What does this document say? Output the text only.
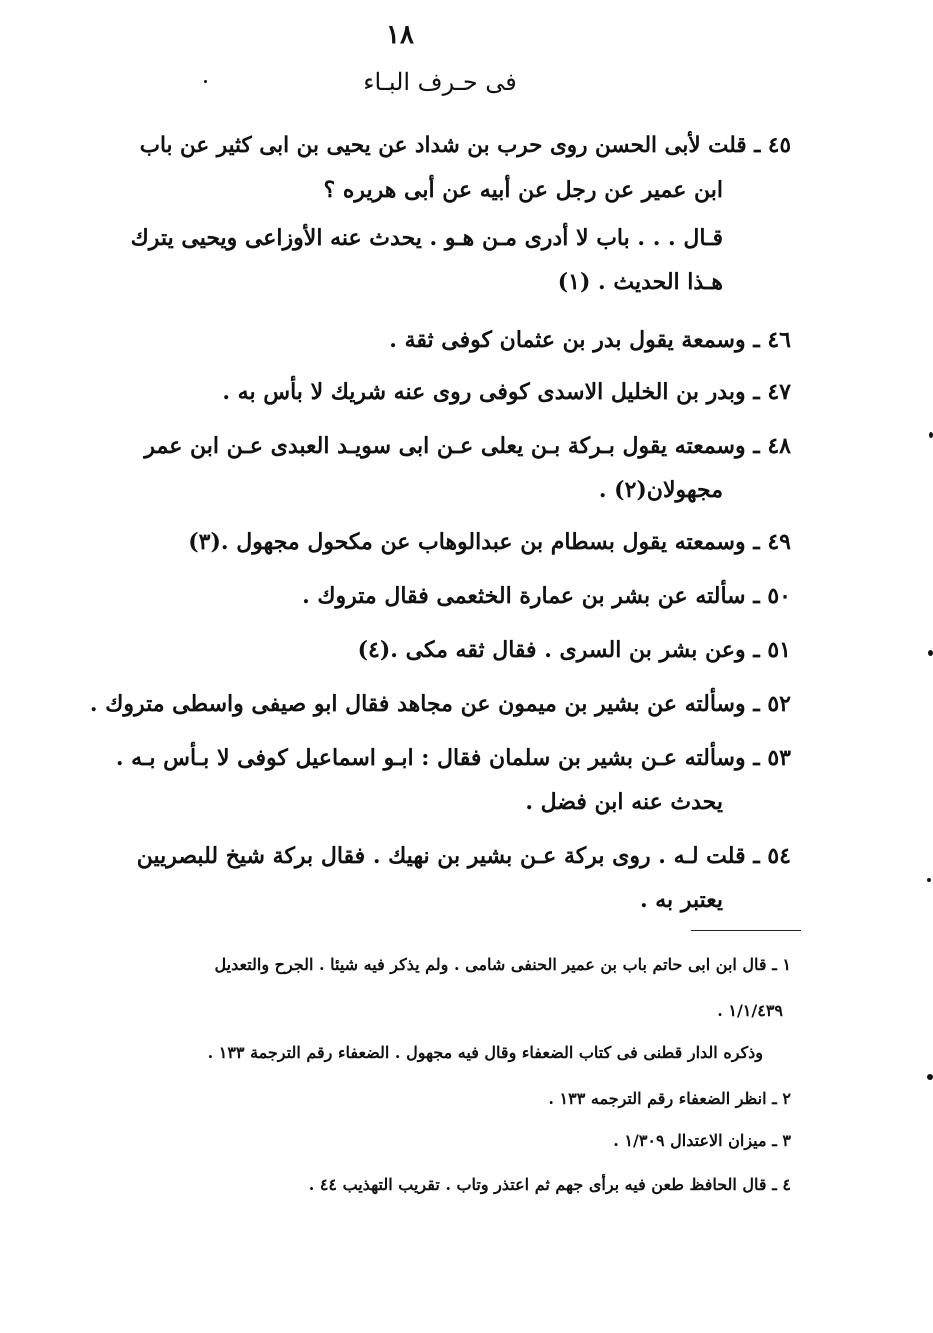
١٨
فى حـرف البـاء
٤٥ ـ قلت لأبى الحسن روى حرب بن شداد عن يحيى بن ابى كثير عن باب
ابن عمير عن رجل عن أبيه عن أبى هريره ؟
قـال . . . باب لا أدرى مـن هـو . يحدث عنه الأوزاعى ويحيى يترك
هـذا الحديث . (١)
٤٦ ـ وسمعة يقول بدر بن عثمان كوفى ثقة .
٤٧ ـ وبدر بن الخليل الاسدى كوفى روى عنه شريك لا بأس به .
٤٨ ـ وسمعته يقول بـركة بـن يعلى عـن ابى سويـد العبدى عـن ابن عمر
مجهولان(٢) .
٤٩ ـ وسمعته يقول بسطام بن عبدالوهاب عن مكحول مجهول .(٣)
٥٠ ـ سألته عن بشر بن عمارة الخثعمى فقال متروك .
٥١ ـ وعن بشر بن السرى . فقال ثقه مكى .(٤)
٥٢ ـ وسألته عن بشير بن ميمون عن مجاهد فقال ابو صيفى واسطى متروك .
٥٣ ـ وسألته عـن بشير بن سلمان فقال : ابـو اسماعيل كوفى لا بـأس بـه .
يحدث عنه ابن فضل .
٥٤ ـ قلت لـه . روى بركة عـن بشير بن نهيك . فقال بركة شيخ للبصريين
يعتبر به .
١ ـ قال ابن ابى حاتم باب بن عمير الحنفى شامى . ولم يذكر فيه شيئا . الجرح والتعديل
١/١/٤٣٩ .
وذكره الدار قطنى فى كتاب الضعفاء وقال فيه مجهول . الضعفاء رقم الترجمة ١٣٣ .
٢ ـ انظر الضعفاء رقم الترجمه ١٣٣ .
٣ ـ ميزان الاعتدال ١/٣٠٩ .
٤ ـ قال الحافظ طعن فيه برأى جهم ثم اعتذر وتاب . تقريب التهذيب ٤٤ .
